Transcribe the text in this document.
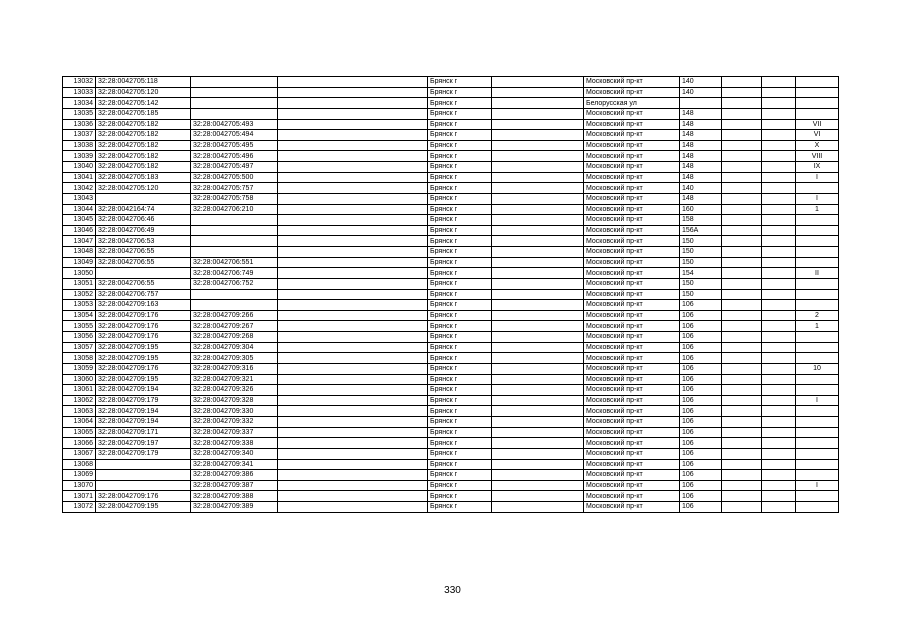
13032	32:28:0042705:118			Брянск г		Московский пр-кт	140			
13033	32:28:0042705:120			Брянск г		Московский пр-кт	140			
13034	32:28:0042705:142			Брянск г		Белорусская ул				
13035	32:28:0042705:185			Брянск г		Московский пр-кт	148			
13036	32:28:0042705:182	32:28:0042705:493		Брянск г		Московский пр-кт	148			VII
13037	32:28:0042705:182	32:28:0042705:494		Брянск г		Московский пр-кт	148			VI
13038	32:28:0042705:182	32:28:0042705:495		Брянск г		Московский пр-кт	148			X
13039	32:28:0042705:182	32:28:0042705:496		Брянск г		Московский пр-кт	148			VIII
13040	32:28:0042705:182	32:28:0042705:497		Брянск г		Московский пр-кт	148			IX
13041	32:28:0042705:183	32:28:0042705:500		Брянск г		Московский пр-кт	148			I
13042	32:28:0042705:120	32:28:0042705:757		Брянск г		Московский пр-кт	140			
13043		32:28:0042705:758		Брянск г		Московский пр-кт	148			I
13044	32:28:0042164:74	32:28:0042706:210		Брянск г		Московский пр-кт	160			1
13045	32:28:0042706:46			Брянск г		Московский пр-кт	158			
13046	32:28:0042706:49			Брянск г		Московский пр-кт	156А			
13047	32:28:0042706:53			Брянск г		Московский пр-кт	150			
13048	32:28:0042706:55			Брянск г		Московский пр-кт	150			
13049	32:28:0042706:55	32:28:0042706:551		Брянск г		Московский пр-кт	150			
13050		32:28:0042706:749		Брянск г		Московский пр-кт	154			II
13051	32:28:0042706:55	32:28:0042706:752		Брянск г		Московский пр-кт	150			
13052	32:28:0042706:757			Брянск г		Московский пр-кт	150			
13053	32:28:0042709:163			Брянск г		Московский пр-кт	106			
13054	32:28:0042709:176	32:28:0042709:266		Брянск г		Московский пр-кт	106			2
13055	32:28:0042709:176	32:28:0042709:267		Брянск г		Московский пр-кт	106			1
13056	32:28:0042709:176	32:28:0042709:268		Брянск г		Московский пр-кт	106			
13057	32:28:0042709:195	32:28:0042709:304		Брянск г		Московский пр-кт	106			
13058	32:28:0042709:195	32:28:0042709:305		Брянск г		Московский пр-кт	106			
13059	32:28:0042709:176	32:28:0042709:316		Брянск г		Московский пр-кт	106			10
13060	32:28:0042709:195	32:28:0042709:321		Брянск г		Московский пр-кт	106			
13061	32:28:0042709:194	32:28:0042709:326		Брянск г		Московский пр-кт	106			
13062	32:28:0042709:179	32:28:0042709:328		Брянск г		Московский пр-кт	106			I
13063	32:28:0042709:194	32:28:0042709:330		Брянск г		Московский пр-кт	106			
13064	32:28:0042709:194	32:28:0042709:332		Брянск г		Московский пр-кт	106			
13065	32:28:0042709:171	32:28:0042709:337		Брянск г		Московский пр-кт	106			
13066	32:28:0042709:197	32:28:0042709:338		Брянск г		Московский пр-кт	106			
13067	32:28:0042709:179	32:28:0042709:340		Брянск г		Московский пр-кт	106			
13068		32:28:0042709:341		Брянск г		Московский пр-кт	106			
13069		32:28:0042709:386		Брянск г		Московский пр-кт	106			
13070		32:28:0042709:387		Брянск г		Московский пр-кт	106			I
13071	32:28:0042709:176	32:28:0042709:388		Брянск г		Московский пр-кт	106			
13072	32:28:0042709:195	32:28:0042709:389		Брянск г		Московский пр-кт	106			
330
